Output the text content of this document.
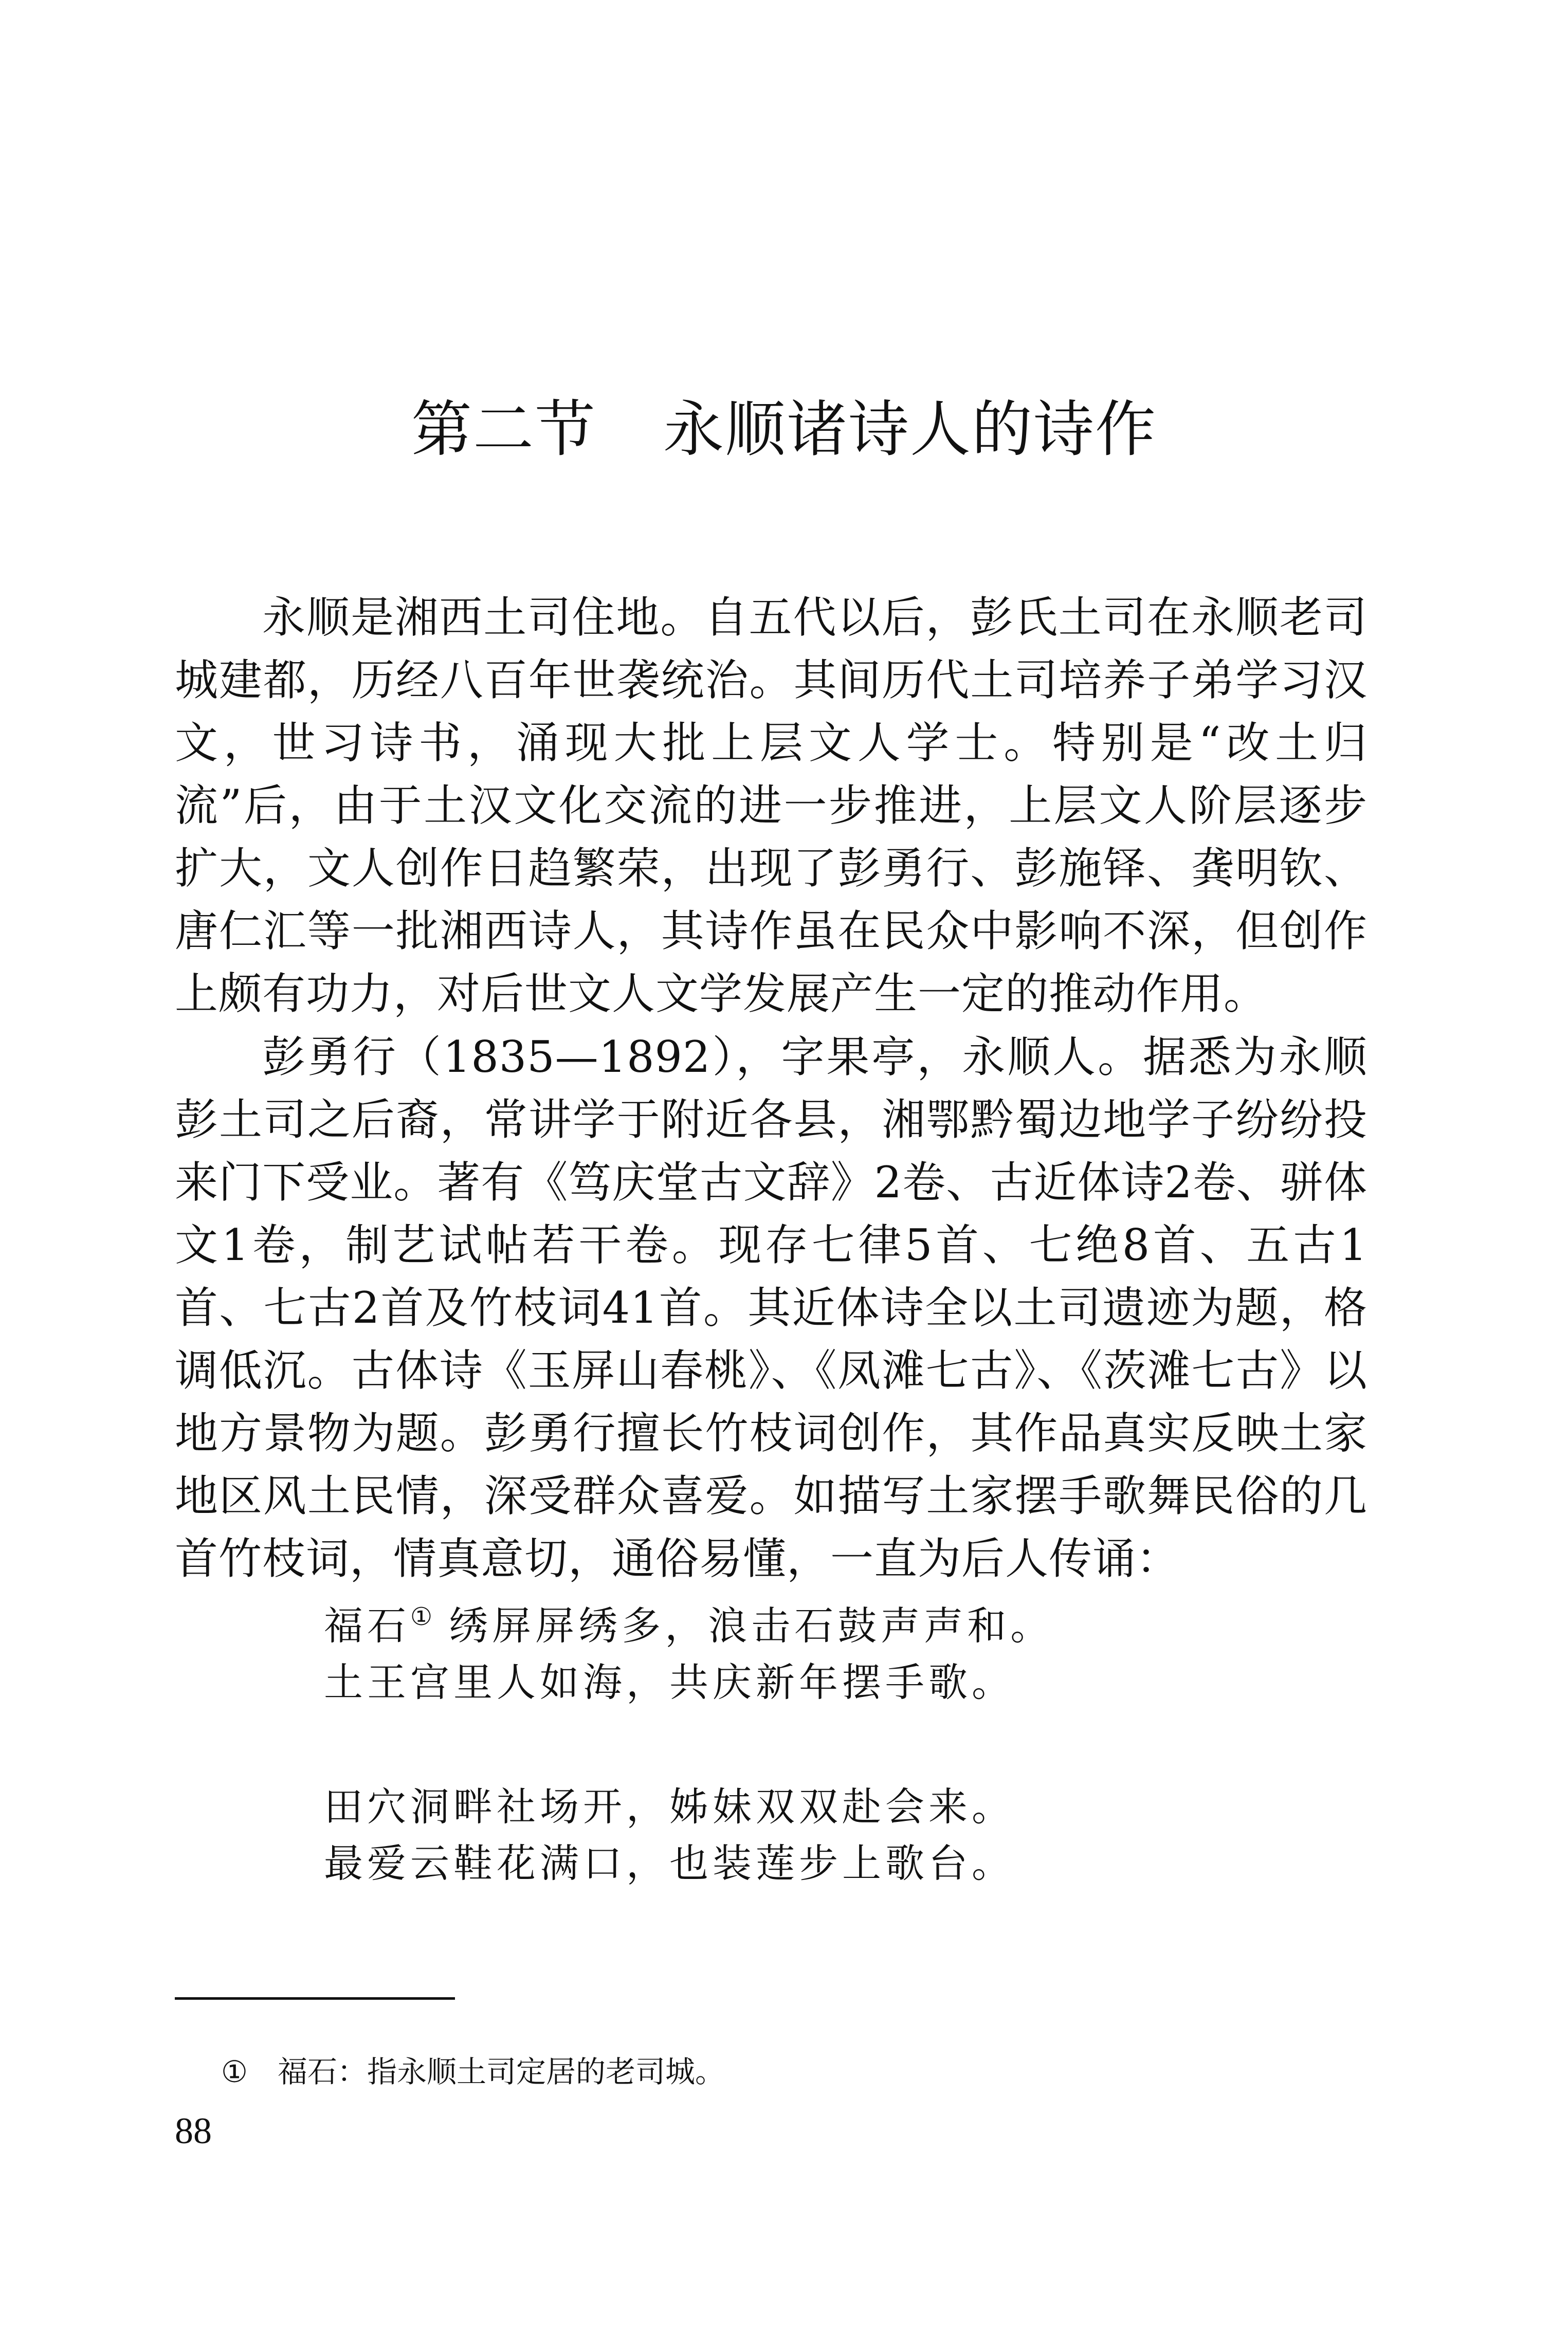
第二节 永顺诸诗人的诗作

永顺是湘西土司住地。自五代以后，彭氏土司在永顺老司城建都，历经八百年世袭统治。其间历代土司培养子弟学习汉文，世习诗书，涌现大批上层文人学士。特别是“改土归流”后，由于土汉文化交流的进一步推进，上层文人阶层逐步扩大，文人创作日趋繁荣，出现了彭勇行、彭施铎、龚明钦、唐仁汇等一批湘西诗人，其诗作虽在民众中影响不深，但创作上颇有功力，对后世文人文学发展产生一定的推动作用。

彭勇行（1835—1892），字果亭，永顺人。据悉为永顺彭土司之后裔，常讲学于附近各县，湘鄂黔蜀边地学子纷纷投来门下受业。著有《笃庆堂古文辞》2卷、古近体诗2卷、骈体文1卷，制艺试帖若干卷。现存七律5首、七绝8首、五古1首、七古2首及竹枝词41首。其近体诗全以土司遗迹为题，格调低沉。古体诗《玉屏山春桃》、《凤滩七古》、《茨滩七古》以地方景物为题。彭勇行擅长竹枝词创作，其作品真实反映土家地区风土民情，深受群众喜爱。如描写土家摆手歌舞民俗的几首竹枝词，情真意切，通俗易懂，一直为后人传诵：

福石① 绣屏屏绣多，浪击石鼓声声和。
土王宫里人如海，共庆新年摆手歌。
田穴洞畔社场开，姊妹双双赴会来。
最爱云鞋花满口，也装莲步上歌台。

① 福石：指永顺土司定居的老司城。

88
